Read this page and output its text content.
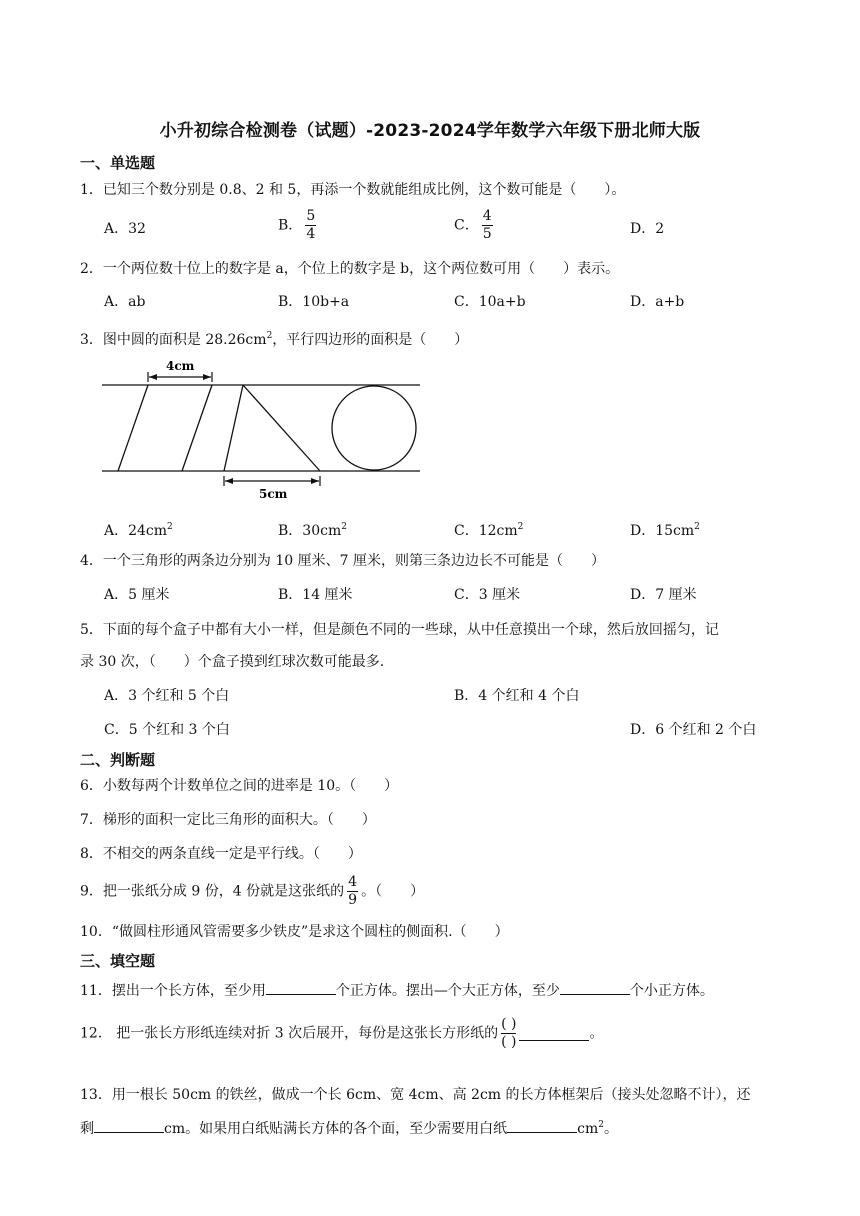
小升初综合检测卷（试题）-2023-2024学年数学六年级下册北师大版
一、单选题
1．已知三个数分别是 0.8、2 和 5，再添一个数就能组成比例，这个数可能是（　　）。
A．32	B． $\frac{5}{4}$	C． $\frac{4}{5}$	D．2
2．一个两位数十位上的数字是 a，个位上的数字是 b，这个两位数可用（　　）表示。
A．ab	B．10b+a	C．10a+b	D．a+b
3．图中圆的面积是 $28.26cm^2$，平行四边形的面积是（　　）
4cm
5cm
A．$24cm^2$	B．$30cm^2$	C．$12cm^2$	D．$15cm^2$
4．一个三角形的两条边分别为 10 厘米、7 厘米，则第三条边边长不可能是（　　）
A．5 厘米	B．14 厘米	C．3 厘米	D．7 厘米
5．下面的每个盒子中都有大小一样，但是颜色不同的一些球，从中任意摸出一个球，然后放回摇匀，记
录 30 次，（　　）个盒子摸到红球次数可能最多.
A．3 个红和 5 个白	B．4 个红和 4 个白
C．5 个红和 3 个白	D．6 个红和 2 个白
二、判断题
6．小数每两个计数单位之间的进率是 10。（　　）
7．梯形的面积一定比三角形的面积大。（　　）
8．不相交的两条直线一定是平行线。（　　）
9．把一张纸分成 9 份，4 份就是这张纸的 $\frac{4}{9}$ 。（　　）
10．“做圆柱形通风管需要多少铁皮”是求这个圆柱的侧面积.（　　）
三、填空题
11．摆出一个长方体，至少用	个正方体。摆出—个大正方体，至少	个小正方体。
12． 把一张长方形纸连续对折 3 次后展开，每份是这张长方形纸的 $\frac{( )}{( )}$	。
13．用一根长 50cm 的铁丝，做成一个长 6cm、宽 4cm、高 2cm 的长方体框架后（接头处忽略不计），还
剩	cm。如果用白纸贴满长方体的各个面，至少需要用白纸	$cm^2$。
